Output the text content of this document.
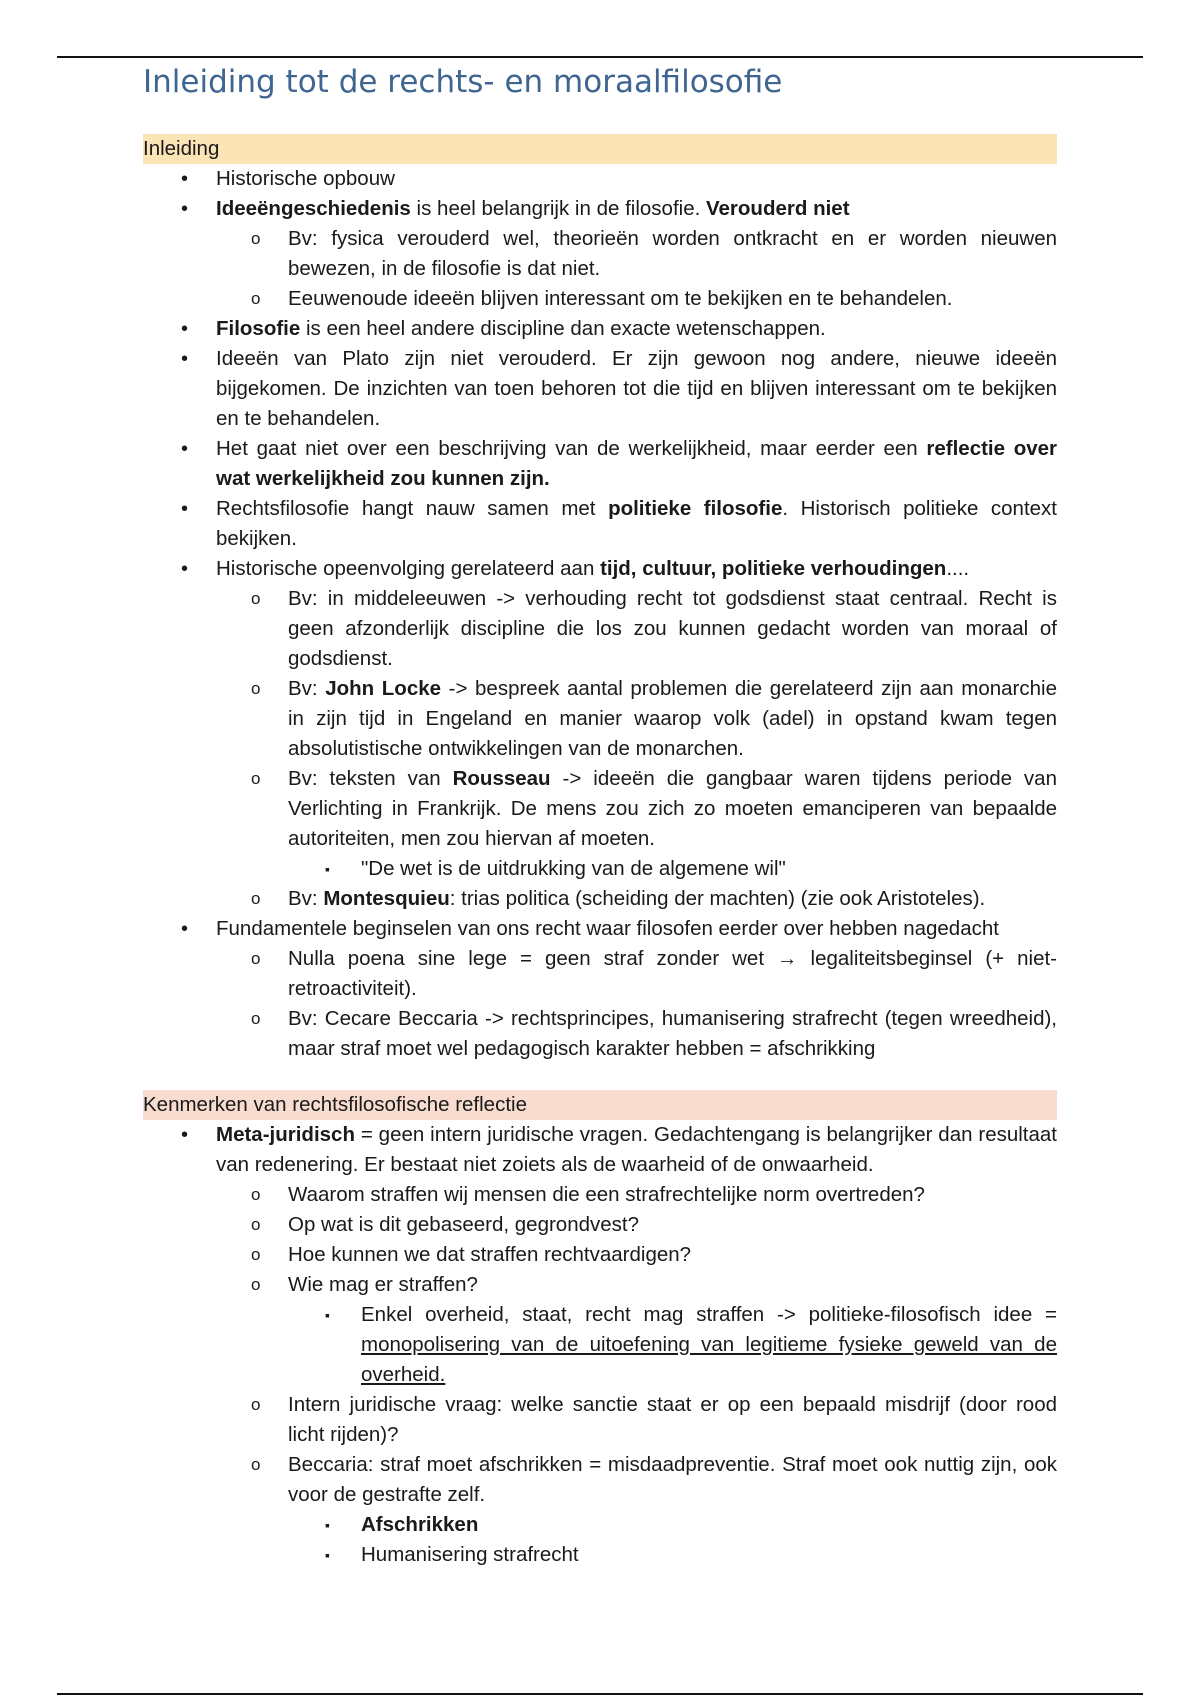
Inleiding tot de rechts- en moraalfilosofie
Inleiding
• Historische opbouw
• Ideeëngeschiedenis is heel belangrijk in de filosofie. Verouderd niet
o Bv: fysica verouderd wel, theorieën worden ontkracht en er worden nieuwen bewezen, in de filosofie is dat niet.
o Eeuwenoude ideeën blijven interessant om te bekijken en te behandelen.
• Filosofie is een heel andere discipline dan exacte wetenschappen.
• Ideeën van Plato zijn niet verouderd. Er zijn gewoon nog andere, nieuwe ideeën bijgekomen. De inzichten van toen behoren tot die tijd en blijven interessant om te bekijken en te behandelen.
• Het gaat niet over een beschrijving van de werkelijkheid, maar eerder een reflectie over wat werkelijkheid zou kunnen zijn.
• Rechtsfilosofie hangt nauw samen met politieke filosofie. Historisch politieke context bekijken.
• Historische opeenvolging gerelateerd aan tijd, cultuur, politieke verhoudingen....
o Bv: in middeleeuwen -> verhouding recht tot godsdienst staat centraal. Recht is geen afzonderlijk discipline die los zou kunnen gedacht worden van moraal of godsdienst.
o Bv: John Locke -> bespreek aantal problemen die gerelateerd zijn aan monarchie in zijn tijd in Engeland en manier waarop volk (adel) in opstand kwam tegen absolutistische ontwikkelingen van de monarchen.
o Bv: teksten van Rousseau -> ideeën die gangbaar waren tijdens periode van Verlichting in Frankrijk. De mens zou zich zo moeten emanciperen van bepaalde autoriteiten, men zou hiervan af moeten.
▪ "De wet is de uitdrukking van de algemene wil"
o Bv: Montesquieu: trias politica (scheiding der machten) (zie ook Aristoteles).
• Fundamentele beginselen van ons recht waar filosofen eerder over hebben nagedacht
o Nulla poena sine lege = geen straf zonder wet → legaliteitsbeginsel (+ niet-retroactiviteit).
o Bv: Cecare Beccaria -> rechtsprincipes, humanisering strafrecht (tegen wreedheid), maar straf moet wel pedagogisch karakter hebben = afschrikking
Kenmerken van rechtsfilosofische reflectie
• Meta-juridisch = geen intern juridische vragen. Gedachtengang is belangrijker dan resultaat van redenering. Er bestaat niet zoiets als de waarheid of de onwaarheid.
o Waarom straffen wij mensen die een strafrechtelijke norm overtreden?
o Op wat is dit gebaseerd, gegrondvest?
o Hoe kunnen we dat straffen rechtvaardigen?
o Wie mag er straffen?
▪ Enkel overheid, staat, recht mag straffen -> politieke-filosofisch idee = monopolisering van de uitoefening van legitieme fysieke geweld van de overheid.
o Intern juridische vraag: welke sanctie staat er op een bepaald misdrijf (door rood licht rijden)?
o Beccaria: straf moet afschrikken = misdaadpreventie. Straf moet ook nuttig zijn, ook voor de gestrafte zelf.
▪ Afschrikken
▪ Humanisering strafrecht
